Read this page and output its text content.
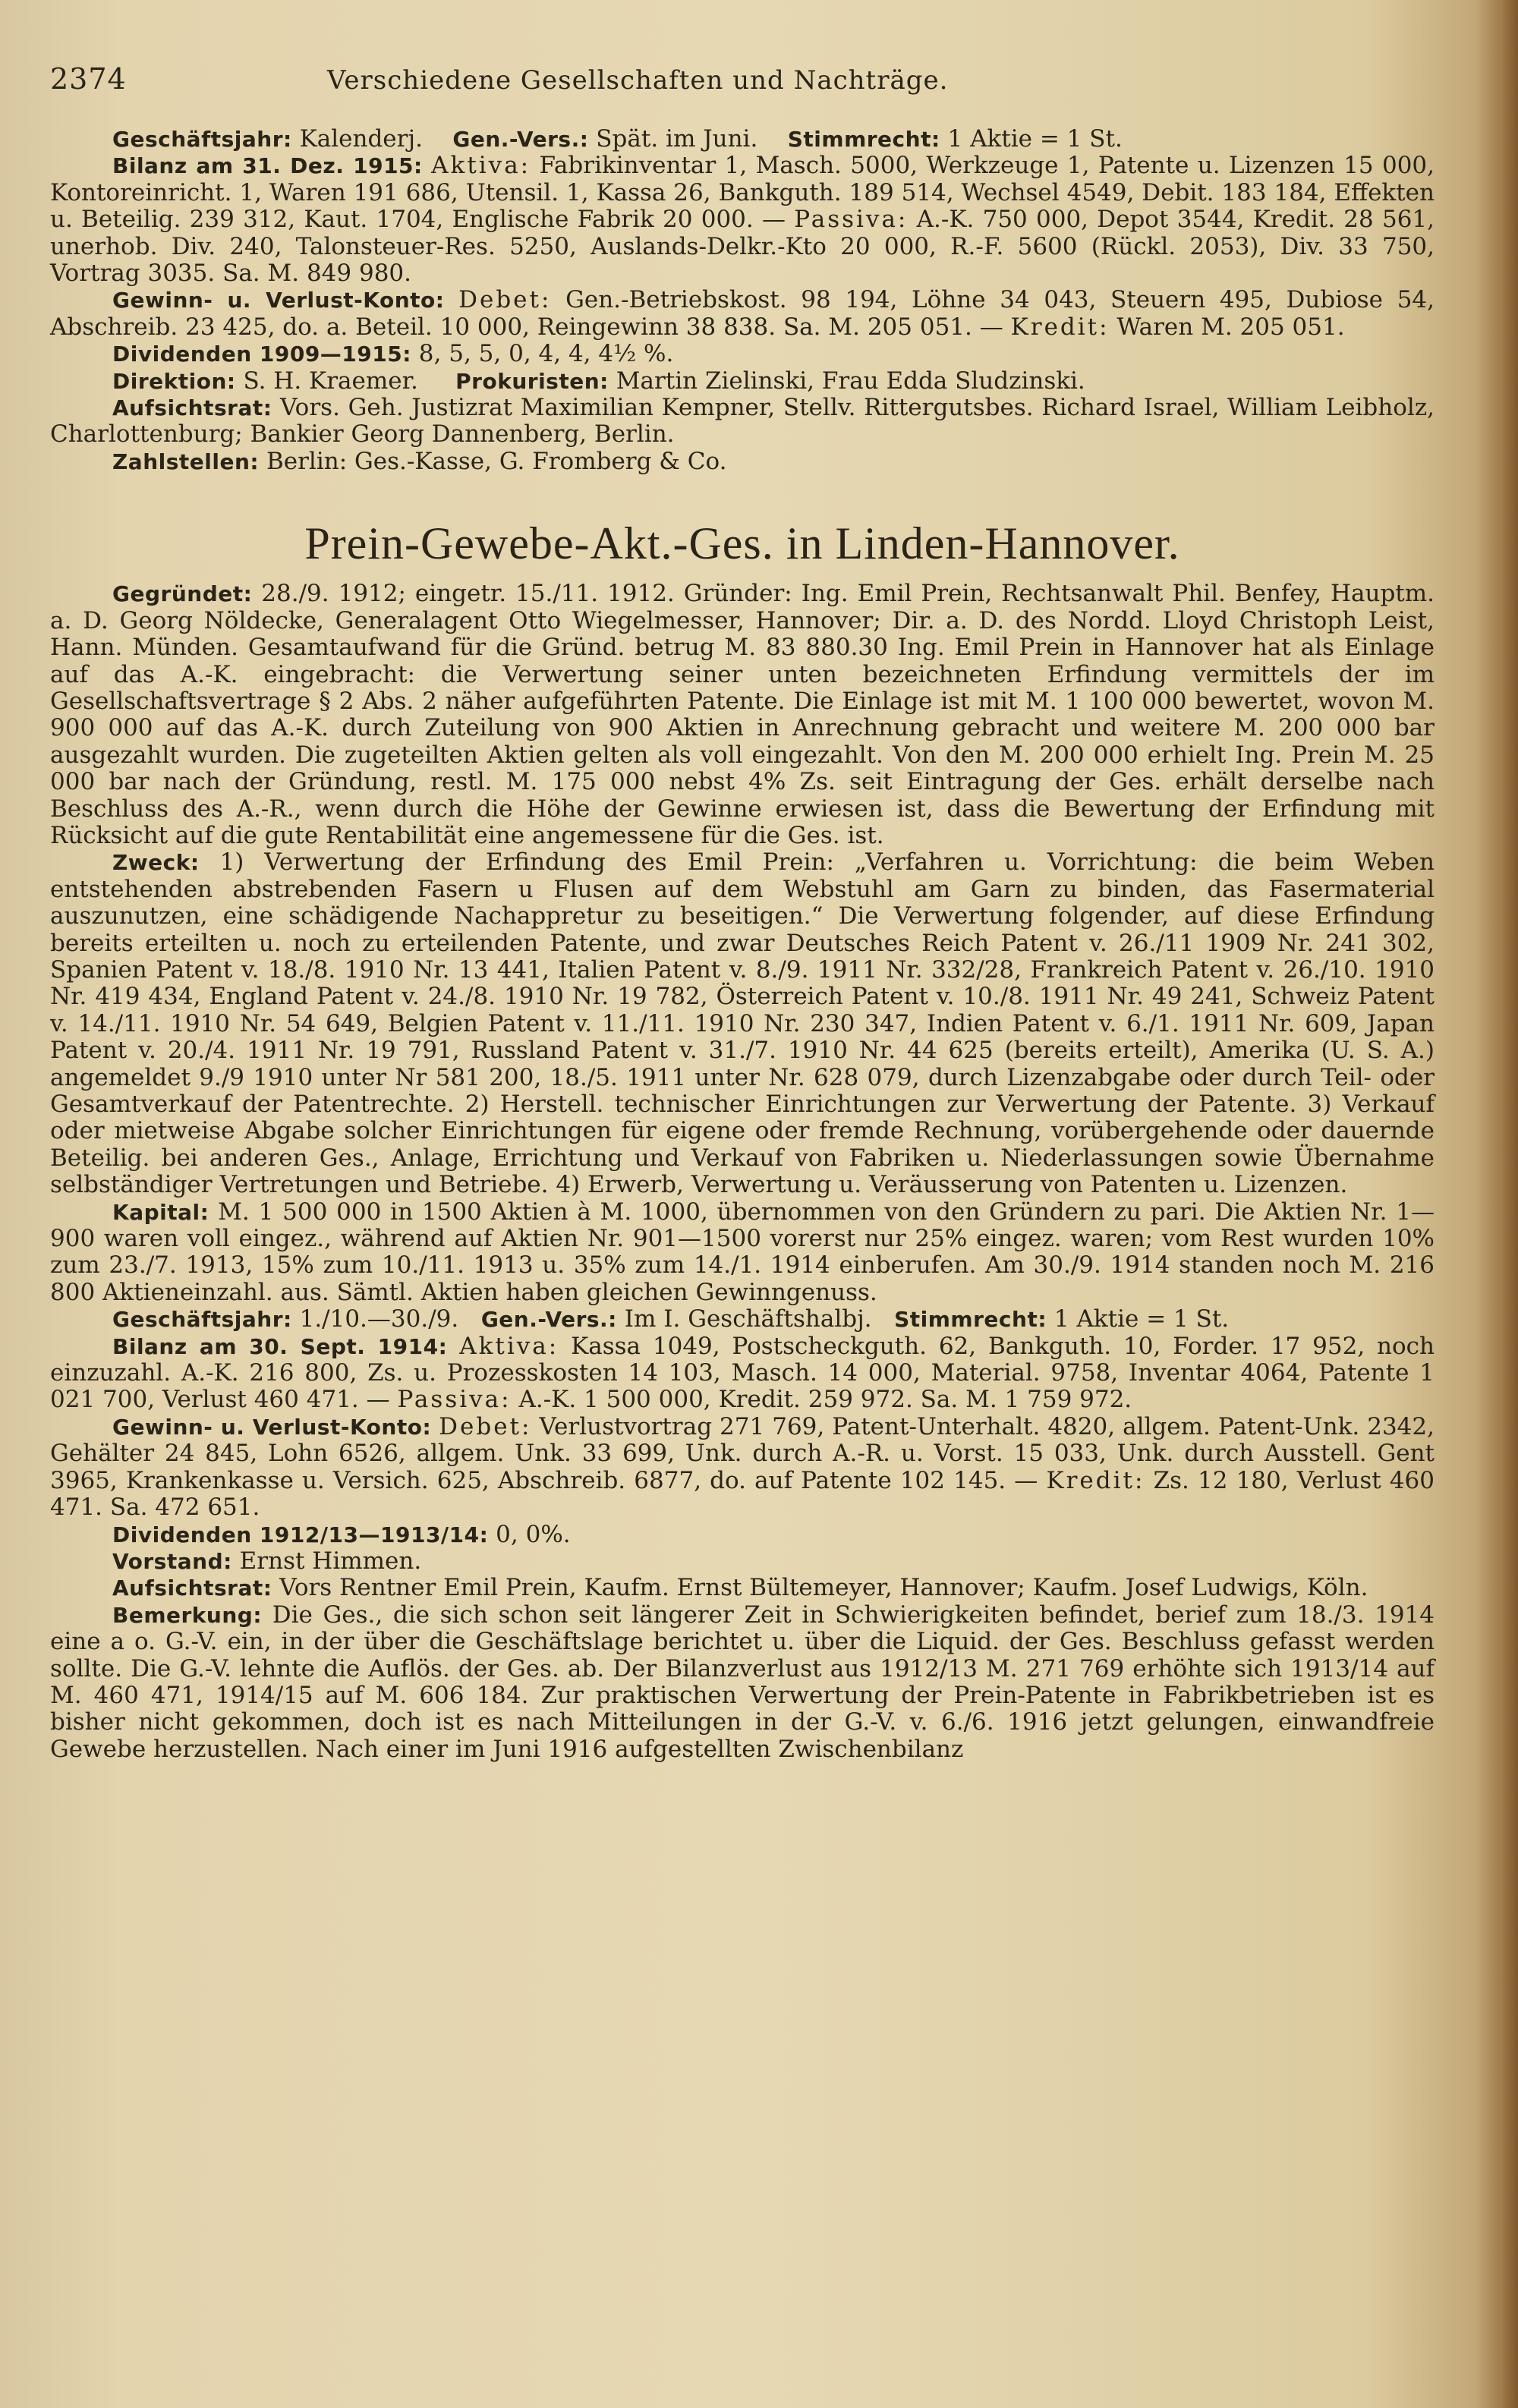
2374	Verschiedene Gesellschaften und Nachträge.

Geschäftsjahr: Kalenderj. Gen.-Vers.: Spät. im Juni. Stimmrecht: 1 Aktie = 1 St.

Bilanz am 31. Dez. 1915: Aktiva: Fabrikinventar 1, Masch. 5000, Werkzeuge 1, Patente u. Lizenzen 15 000, Kontoreinricht. 1, Waren 191 686, Utensil. 1, Kassa 26, Bankguth. 189 514, Wechsel 4549, Debit. 183 184, Effekten u. Beteilig. 239 312, Kaut. 1704, Englische Fabrik 20 000. — Passiva: A.-K. 750 000, Depot 3544, Kredit. 28 561, unerhob. Div. 240, Talonsteuer-Res. 5250, Auslands-Delkr.-Kto 20 000, R.-F. 5600 (Rückl. 2053), Div. 33 750, Vortrag 3035. Sa. M. 849 980.

Gewinn- u. Verlust-Konto: Debet: Gen.-Betriebskost. 98 194, Löhne 34 043, Steuern 495, Dubiose 54, Abschreib. 23 425, do. a. Beteil. 10 000, Reingewinn 38 838. Sa. M. 205 051. — Kredit: Waren M. 205 051.

Dividenden 1909—1915: 8, 5, 5, 0, 4, 4, 4½ %.

Direktion: S. H. Kraemer. Prokuristen: Martin Zielinski, Frau Edda Sludzinski.

Aufsichtsrat: Vors. Geh. Justizrat Maximilian Kempner, Stellv. Rittergutsbes. Richard Israel, William Leibholz, Charlottenburg; Bankier Georg Dannenberg, Berlin.

Zahlstellen: Berlin: Ges.-Kasse, G. Fromberg & Co.

Prein-Gewebe-Akt.-Ges. in Linden-Hannover.

Gegründet: 28./9. 1912; eingetr. 15./11. 1912. Gründer: Ing. Emil Prein, Rechtsanwalt Phil. Benfey, Hauptm. a. D. Georg Nöldecke, Generalagent Otto Wiegelmesser, Hannover; Dir. a. D. des Nordd. Lloyd Christoph Leist, Hann. Münden. Gesamtaufwand für die Gründ. betrug M. 83 880.30 Ing. Emil Prein in Hannover hat als Einlage auf das A.-K. eingebracht: die Verwertung seiner unten bezeichneten Erfindung vermittels der im Gesellschaftsvertrage § 2 Abs. 2 näher aufgeführten Patente. Die Einlage ist mit M. 1 100 000 bewertet, wovon M. 900 000 auf das A.-K. durch Zuteilung von 900 Aktien in Anrechnung gebracht und weitere M. 200 000 bar ausgezahlt wurden. Die zugeteilten Aktien gelten als voll eingezahlt. Von den M. 200 000 erhielt Ing. Prein M. 25 000 bar nach der Gründung, restl. M. 175 000 nebst 4% Zs. seit Eintragung der Ges. erhält derselbe nach Beschluss des A.-R., wenn durch die Höhe der Gewinne erwiesen ist, dass die Bewertung der Erfindung mit Rücksicht auf die gute Rentabilität eine angemessene für die Ges. ist.

Zweck: 1) Verwertung der Erfindung des Emil Prein: „Verfahren u. Vorrichtung: die beim Weben entstehenden abstrebenden Fasern u Flusen auf dem Webstuhl am Garn zu binden, das Fasermaterial auszunutzen, eine schädigende Nachappretur zu beseitigen.“ Die Verwertung folgender, auf diese Erfindung bereits erteilten u. noch zu erteilenden Patente, und zwar Deutsches Reich Patent v. 26./11 1909 Nr. 241 302, Spanien Patent v. 18./8. 1910 Nr. 13 441, Italien Patent v. 8./9. 1911 Nr. 332/28, Frankreich Patent v. 26./10. 1910 Nr. 419 434, England Patent v. 24./8. 1910 Nr. 19 782, Österreich Patent v. 10./8. 1911 Nr. 49 241, Schweiz Patent v. 14./11. 1910 Nr. 54 649, Belgien Patent v. 11./11. 1910 Nr. 230 347, Indien Patent v. 6./1. 1911 Nr. 609, Japan Patent v. 20./4. 1911 Nr. 19 791, Russland Patent v. 31./7. 1910 Nr. 44 625 (bereits erteilt), Amerika (U. S. A.) angemeldet 9./9 1910 unter Nr 581 200, 18./5. 1911 unter Nr. 628 079, durch Lizenzabgabe oder durch Teil- oder Gesamtverkauf der Patentrechte. 2) Herstell. technischer Einrichtungen zur Verwertung der Patente. 3) Verkauf oder mietweise Abgabe solcher Einrichtungen für eigene oder fremde Rechnung, vorübergehende oder dauernde Beteilig. bei anderen Ges., Anlage, Errichtung und Verkauf von Fabriken u. Niederlassungen sowie Übernahme selbständiger Vertretungen und Betriebe. 4) Erwerb, Verwertung u. Veräusserung von Patenten u. Lizenzen.

Kapital: M. 1 500 000 in 1500 Aktien à M. 1000, übernommen von den Gründern zu pari. Die Aktien Nr. 1—900 waren voll eingez., während auf Aktien Nr. 901—1500 vorerst nur 25% eingez. waren; vom Rest wurden 10% zum 23./7. 1913, 15% zum 10./11. 1913 u. 35% zum 14./1. 1914 einberufen. Am 30./9. 1914 standen noch M. 216 800 Aktieneinzahl. aus. Sämtl. Aktien haben gleichen Gewinngenuss.

Geschäftsjahr: 1./10.—30./9. Gen.-Vers.: Im I. Geschäftshalbj. Stimmrecht: 1 Aktie = 1 St.

Bilanz am 30. Sept. 1914: Aktiva: Kassa 1049, Postscheckguth. 62, Bankguth. 10, Forder. 17 952, noch einzuzahl. A.-K. 216 800, Zs. u. Prozesskosten 14 103, Masch. 14 000, Material. 9758, Inventar 4064, Patente 1 021 700, Verlust 460 471. — Passiva: A.-K. 1 500 000, Kredit. 259 972. Sa. M. 1 759 972.

Gewinn- u. Verlust-Konto: Debet: Verlustvortrag 271 769, Patent-Unterhalt. 4820, allgem. Patent-Unk. 2342, Gehälter 24 845, Lohn 6526, allgem. Unk. 33 699, Unk. durch A.-R. u. Vorst. 15 033, Unk. durch Ausstell. Gent 3965, Krankenkasse u. Versich. 625, Abschreib. 6877, do. auf Patente 102 145. — Kredit: Zs. 12 180, Verlust 460 471. Sa. 472 651.

Dividenden 1912/13—1913/14: 0, 0%.

Vorstand: Ernst Himmen.

Aufsichtsrat: Vors Rentner Emil Prein, Kaufm. Ernst Bültemeyer, Hannover; Kaufm. Josef Ludwigs, Köln.

Bemerkung: Die Ges., die sich schon seit längerer Zeit in Schwierigkeiten befindet, berief zum 18./3. 1914 eine a o. G.-V. ein, in der über die Geschäftslage berichtet u. über die Liquid. der Ges. Beschluss gefasst werden sollte. Die G.-V. lehnte die Auflös. der Ges. ab. Der Bilanzverlust aus 1912/13 M. 271 769 erhöhte sich 1913/14 auf M. 460 471, 1914/15 auf M. 606 184. Zur praktischen Verwertung der Prein-Patente in Fabrikbetrieben ist es bisher nicht gekommen, doch ist es nach Mitteilungen in der G.-V. v. 6./6. 1916 jetzt gelungen, einwandfreie Gewebe herzustellen. Nach einer im Juni 1916 aufgestellten Zwischenbilanz
